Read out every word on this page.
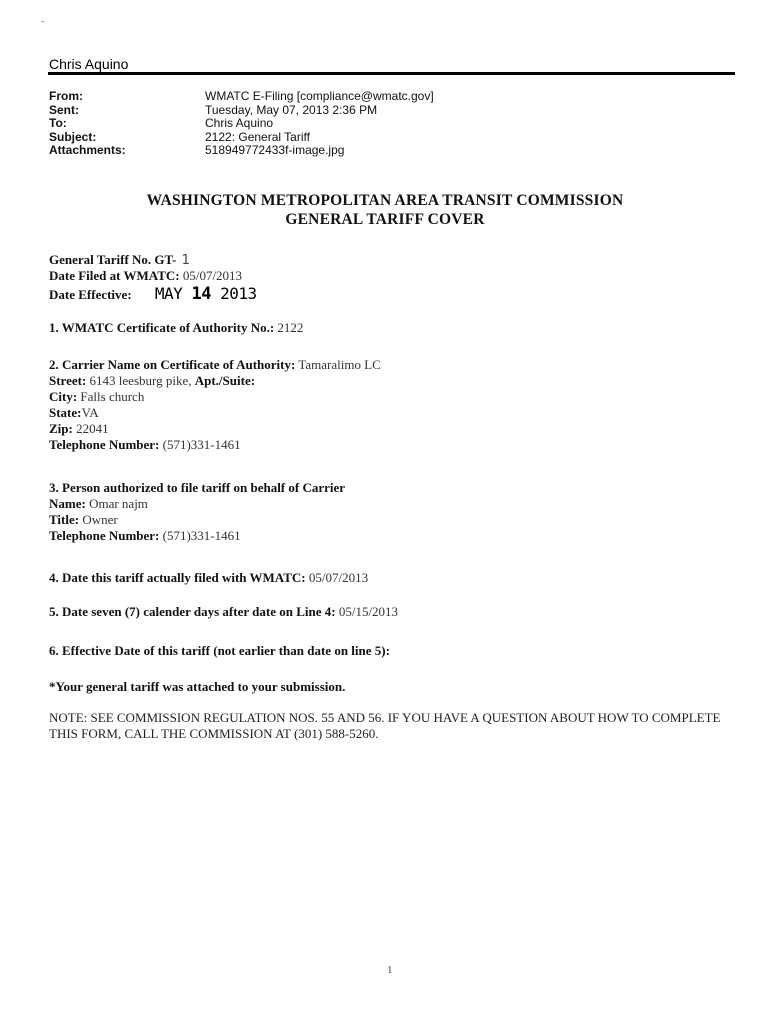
-
Chris Aquino
From:	WMATC E-Filing [compliance@wmatc.gov]
Sent:	Tuesday, May 07, 2013 2:36 PM
To:	Chris Aquino
Subject:	2122: General Tariff
Attachments:	518949772433f-image.jpg
WASHINGTON METROPOLITAN AREA TRANSIT COMMISSION
GENERAL TARIFF COVER
General Tariff No. GT- 1
Date Filed at WMATC: 05/07/2013
Date Effective: MAY 14 2013
1. WMATC Certificate of Authority No.: 2122
2. Carrier Name on Certificate of Authority: Tamaralimo LC
Street: 6143 leesburg pike, Apt./Suite:
City: Falls church
State:VA
Zip: 22041
Telephone Number: (571)331-1461
3. Person authorized to file tariff on behalf of Carrier
Name: Omar najm
Title: Owner
Telephone Number: (571)331-1461
4. Date this tariff actually filed with WMATC: 05/07/2013
5. Date seven (7) calender days after date on Line 4: 05/15/2013
6. Effective Date of this tariff (not earlier than date on line 5):
*Your general tariff was attached to your submission.
NOTE: SEE COMMISSION REGULATION NOS. 55 AND 56. IF YOU HAVE A QUESTION ABOUT HOW TO COMPLETE THIS FORM, CALL THE COMMISSION AT (301) 588-5260.
1
